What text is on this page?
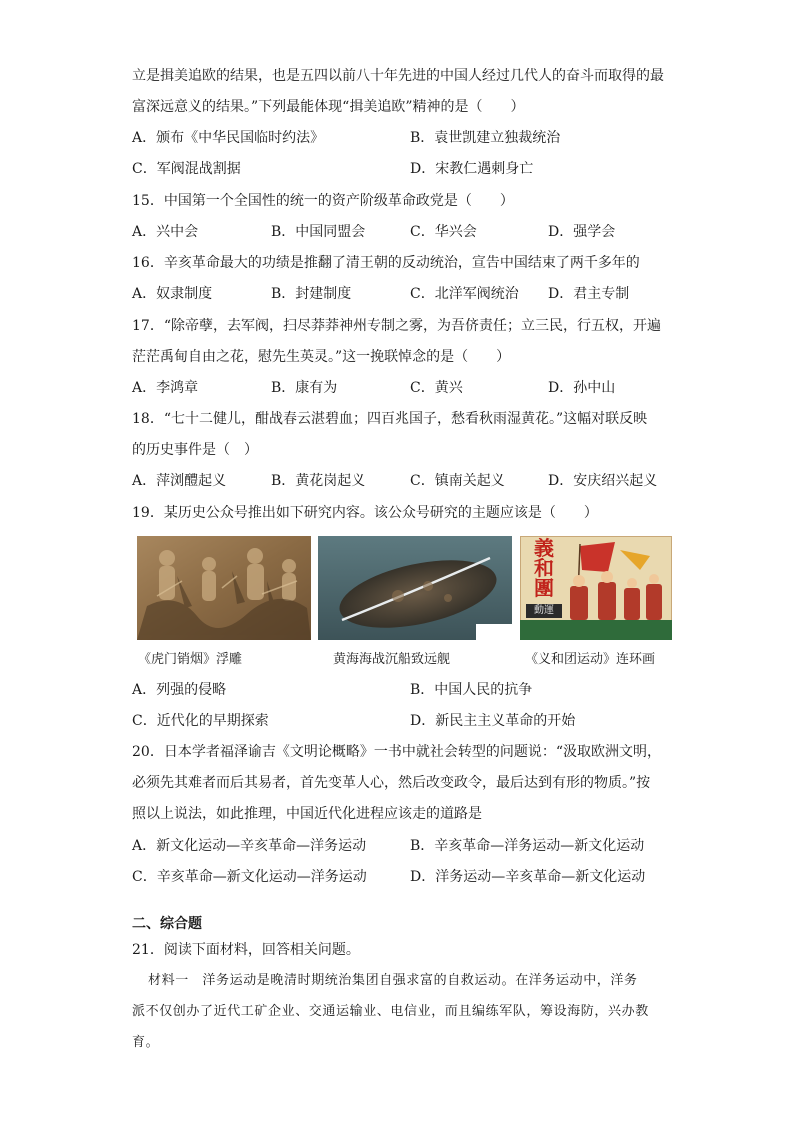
立是揖美追欧的结果，也是五四以前八十年先进的中国人经过几代人的奋斗而取得的最
富深远意义的结果。”下列最能体现“揖美追欧”精神的是（　　）
A．颁布《中华民国临时约法》	B．袁世凯建立独裁统治
C．军阀混战割据	D．宋教仁遇刺身亡
15．中国第一个全国性的统一的资产阶级革命政党是（　　）
A．兴中会	B．中国同盟会	C．华兴会	D．强学会
16．辛亥革命最大的功绩是推翻了清王朝的反动统治，宣告中国结束了两千多年的
A．奴隶制度	B．封建制度	C．北洋军阀统治 D．君主专制
17．“除帝孽，去军阀，扫尽莽莽神州专制之雾，为吾侪责任；立三民，行五权，开遍
茫茫禹甸自由之花，慰先生英灵。”这一挽联悼念的是（　　）
A．李鸿章	B．康有为	C．黄兴	D．孙中山
18．“七十二健儿，酣战春云湛碧血；四百兆国子，愁看秋雨湿黄花。”这幅对联反映
的历史事件是（　）
A．萍浏醴起义	B．黄花岗起义	C．镇南关起义	D．安庆绍兴起义
19．某历史公众号推出如下研究内容。该公众号研究的主题应该是（　　）
義
和
團
動運
《虎门销烟》浮雕	黄海海战沉船致远舰	《义和团运动》连环画
A．列强的侵略	B．中国人民的抗争
C．近代化的早期探索	D．新民主主义革命的开始
20．日本学者福泽谕吉《文明论概略》一书中就社会转型的问题说：“汲取欧洲文明，
必须先其难者而后其易者，首先变革人心，然后改变政令，最后达到有形的物质。”按
照以上说法，如此推理，中国近代化进程应该走的道路是
A．新文化运动—辛亥革命—洋务运动	B．辛亥革命—洋务运动—新文化运动
C．辛亥革命—新文化运动—洋务运动	D．洋务运动—辛亥革命—新文化运动
二、综合题
21．阅读下面材料，回答相关问题。
材料一　洋务运动是晚清时期统治集团自强求富的自救运动。在洋务运动中，洋务
派不仅创办了近代工矿企业、交通运输业、电信业，而且编练军队，筹设海防，兴办教
育。
